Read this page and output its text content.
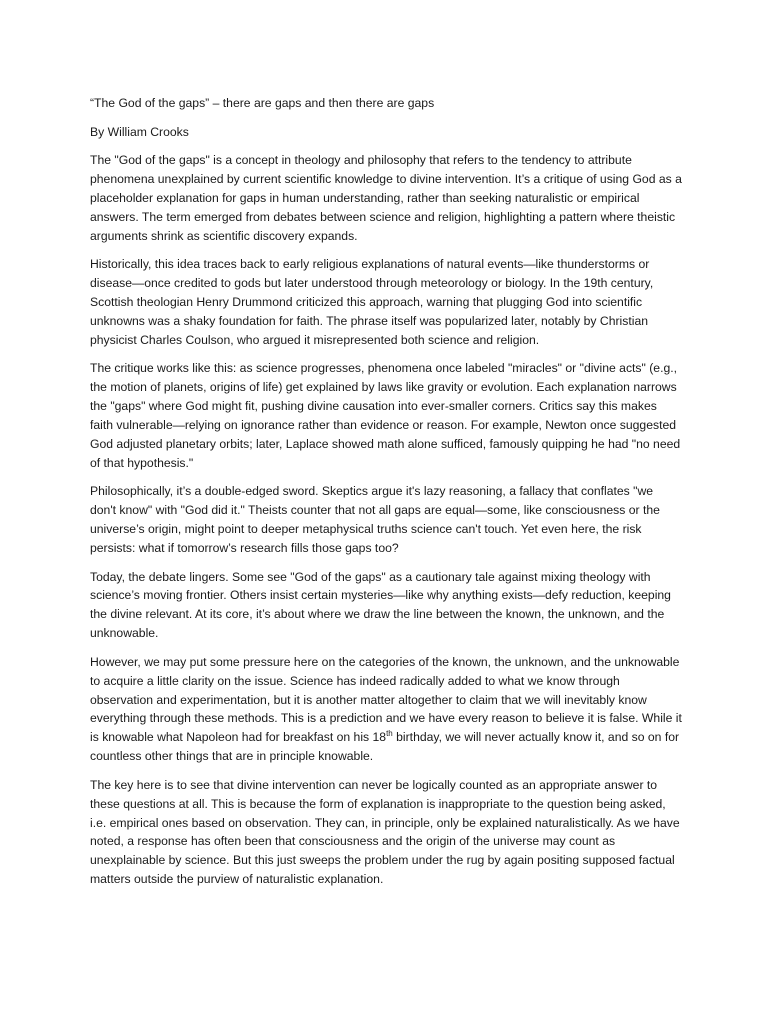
“The God of the gaps” – there are gaps and then there are gaps

By William Crooks

The "God of the gaps" is a concept in theology and philosophy that refers to the tendency to attribute phenomena unexplained by current scientific knowledge to divine intervention. It’s a critique of using God as a placeholder explanation for gaps in human understanding, rather than seeking naturalistic or empirical answers. The term emerged from debates between science and religion, highlighting a pattern where theistic arguments shrink as scientific discovery expands.

Historically, this idea traces back to early religious explanations of natural events—like thunderstorms or disease—once credited to gods but later understood through meteorology or biology. In the 19th century, Scottish theologian Henry Drummond criticized this approach, warning that plugging God into scientific unknowns was a shaky foundation for faith. The phrase itself was popularized later, notably by Christian physicist Charles Coulson, who argued it misrepresented both science and religion.

The critique works like this: as science progresses, phenomena once labeled "miracles" or "divine acts" (e.g., the motion of planets, origins of life) get explained by laws like gravity or evolution. Each explanation narrows the "gaps" where God might fit, pushing divine causation into ever-smaller corners. Critics say this makes faith vulnerable—relying on ignorance rather than evidence or reason. For example, Newton once suggested God adjusted planetary orbits; later, Laplace showed math alone sufficed, famously quipping he had "no need of that hypothesis."

Philosophically, it’s a double-edged sword. Skeptics argue it's lazy reasoning, a fallacy that conflates "we don't know" with "God did it." Theists counter that not all gaps are equal—some, like consciousness or the universe’s origin, might point to deeper metaphysical truths science can't touch. Yet even here, the risk persists: what if tomorrow’s research fills those gaps too?

Today, the debate lingers. Some see "God of the gaps" as a cautionary tale against mixing theology with science’s moving frontier. Others insist certain mysteries—like why anything exists—defy reduction, keeping the divine relevant. At its core, it’s about where we draw the line between the known, the unknown, and the unknowable.

However, we may put some pressure here on the categories of the known, the unknown, and the unknowable to acquire a little clarity on the issue. Science has indeed radically added to what we know through observation and experimentation, but it is another matter altogether to claim that we will inevitably know everything through these methods. This is a prediction and we have every reason to believe it is false. While it is knowable what Napoleon had for breakfast on his 18th birthday, we will never actually know it, and so on for countless other things that are in principle knowable.

The key here is to see that divine intervention can never be logically counted as an appropriate answer to these questions at all. This is because the form of explanation is inappropriate to the question being asked, i.e. empirical ones based on observation. They can, in principle, only be explained naturalistically. As we have noted, a response has often been that consciousness and the origin of the universe may count as unexplainable by science. But this just sweeps the problem under the rug by again positing supposed factual matters outside the purview of naturalistic explanation.
